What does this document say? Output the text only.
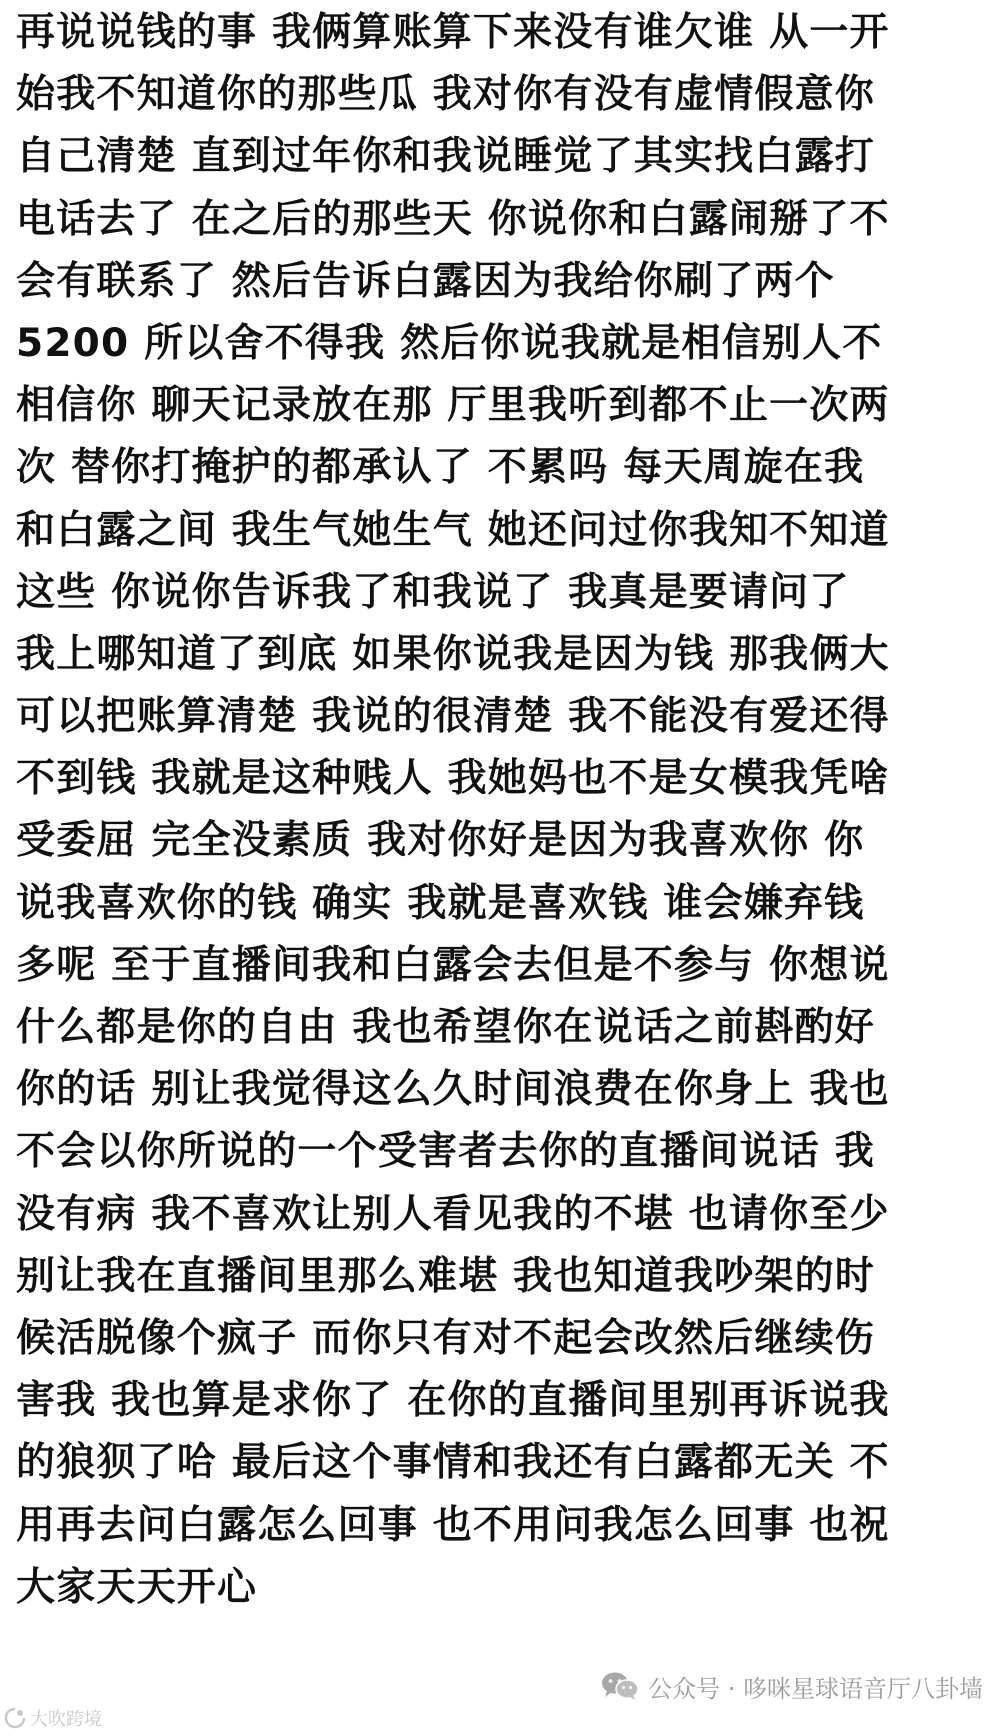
再说说钱的事 我俩算账算下来没有谁欠谁 从一开
始我不知道你的那些瓜 我对你有没有虚情假意你
自己清楚 直到过年你和我说睡觉了其实找白露打
电话去了 在之后的那些天 你说你和白露闹掰了不
会有联系了 然后告诉白露因为我给你刷了两个
5200 所以舍不得我 然后你说我就是相信别人不
相信你 聊天记录放在那 厅里我听到都不止一次两
次 替你打掩护的都承认了 不累吗 每天周旋在我
和白露之间 我生气她生气 她还问过你我知不知道
这些 你说你告诉我了和我说了 我真是要请问了
我上哪知道了到底 如果你说我是因为钱 那我俩大
可以把账算清楚 我说的很清楚 我不能没有爱还得
不到钱 我就是这种贱人 我她妈也不是女模我凭啥
受委屈 完全没素质 我对你好是因为我喜欢你 你
说我喜欢你的钱 确实 我就是喜欢钱 谁会嫌弃钱
多呢 至于直播间我和白露会去但是不参与 你想说
什么都是你的自由 我也希望你在说话之前斟酌好
你的话 别让我觉得这么久时间浪费在你身上 我也
不会以你所说的一个受害者去你的直播间说话 我
没有病 我不喜欢让别人看见我的不堪 也请你至少
别让我在直播间里那么难堪 我也知道我吵架的时
候活脱像个疯子 而你只有对不起会改然后继续伤
害我 我也算是求你了 在你的直播间里别再诉说我
的狼狈了哈 最后这个事情和我还有白露都无关 不
用再去问白露怎么回事 也不用问我怎么回事 也祝
大家天天开心
公众号 · 哆咪星球语音厅八卦墙
大吹跨境
